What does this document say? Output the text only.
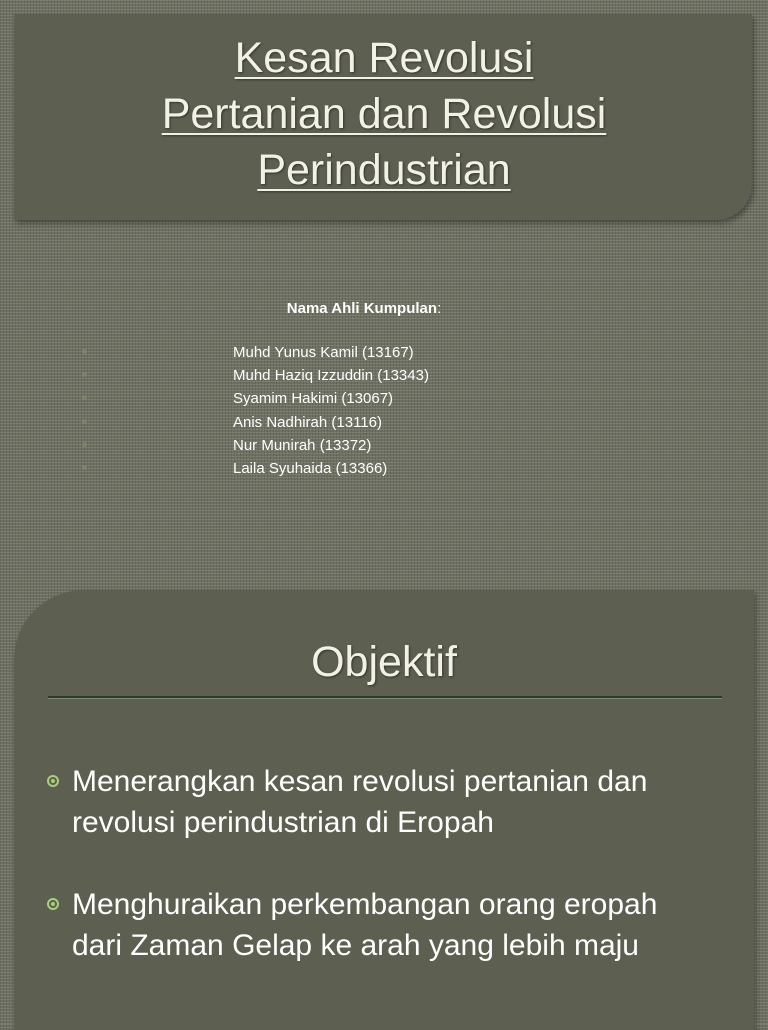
Kesan Revolusi
Pertanian dan Revolusi
Perindustrian
Nama Ahli Kumpulan:
Muhd Yunus Kamil (13167)
Muhd Haziq Izzuddin (13343)
Syamim Hakimi (13067)
Anis Nadhirah (13116)
Nur Munirah (13372)
Laila Syuhaida (13366)
Objektif
Menerangkan kesan revolusi pertanian dan revolusi perindustrian di Eropah
Menghuraikan perkembangan orang eropah dari Zaman Gelap ke arah yang lebih maju
